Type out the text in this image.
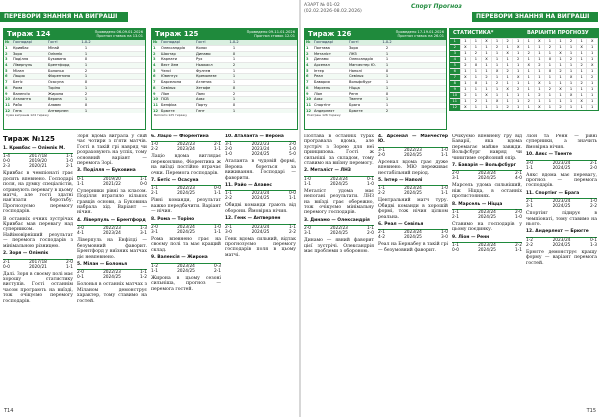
ПЕРЕВОРИ ЗНАННЯ НА ВИГРАШІ
Тираж 124	Проведено 06-09.01.2026
Прогноз ставок на 13.01
№	Господарі	Гості	1-X-2
1	Кривбас	Мінай	1
2	Зоря	Олімпік	1
3	Поділля	Буковина	X
4	Ліверпуль	Брентфорд	1
5	Мілан	Болонья	2
6	Лацио	Фіорентина	1
7	Бетіс	Осасуна	X
8	Рома	Торіно	1
9	Валенсія	Жирона	2
10 Аталанта	Верона	1
11 Райо	Алавес	X
12 Генк	Антверпен	1
Сума виграшів 124 тиражу
Тираж 125	Проведено 09-11.01.2026
Прогноз ставок 12.01
№	Господарі	Гості	1-X-2
1	Олександрія	Колос	1
2	Шахтар	Динамо	X
3	Карпати	Рух	1
4	Вест Хем	Ньюкасл	2
5	Челсі	Фулгем	1
6	Ювентус	Кремонезе	1
7	Барселона	Атлетик	1
8	Севілья	Хетафе	X
9	Ліон	Ланс	2
10 ПСВ	Аякс	1
11 Бенфіка	Порту	X
12 Брюгге	Гент	1
Виплати 125 тиражу
Тираж №125
1. Кривбас — Олімпік М.
1-4	2017/18	1-1
0-0	2019/20	1-0
2-3	2020/21	2-1

Кривбас в чемпіонаті грає досить впевнено. Господарі поля, на думку спеціалістів, отримують перевагу в цьому матчі, але гості здатні нав'язати боротьбу. Прогнозуємо перемогу господарів.

В останніх очних зустрічах Кривбас мав перевагу над суперником. Найімовірніший результат — перемога господарів з мінімальною різницею.

2. Зоря — Олімпік
2-1	2017/18	2-0
0-0	2020/21	1-1

Далі. Зоря в своєму полі має хорошу статистику виступів. Гості останнім часом програють на виїзді, тож очікуємо перемогу господарів.

Зоря вдома виграла у свій час чотири з п'яти матчів. Гості в такій грі навряд чи розраховують на успіх, тому основний варіант — перемога Зорі.

3. Поділля — Буковина
0-1	2019/20	1-1
1-1	2021/22	0-0

Суперники рівні за класом. Поділля втратило кількох гравців основи, а Буковина набрала хід. Варіант — нічия.

4. Ліверпуль — Брентфорд
3-0	2022/23	1-3
4-1	2023/24	3-1

Ліверпуль на Енфілді — безумовний фаворит. Брентфорд у виїзних матчах діє невпевнено.

5. Мілан — Болонья
2-0	2022/23	1-1
0-1	2024/25	1-2

Болонья в останніх матчах з Міланом демонструє характер, тому ставимо на гостей.

6. Лаціо — Фіорентина
1-0	2022/23	2-1
2-2	2023/24	1-1

Лаціо вдома виглядає переконливо, Фіорентина ж на виїзді постійно втрачає очки. Перемога господарів.

7. Бетіс — Осасуна
1-1	2022/23	0-0
2-1	2024/25	1-1

Рівні команди, результат важко передбачити. Варіант — нічия.

8. Рома — Торіно
2-0	2023/24	1-0
3-1	2024/25	1-1

Рома впевнено грає на своєму полі та має кращий склад.

9. Валенсія — Жирона
1-2	2023/24	0-3
1-1	2024/25	2-1

Жирона в цьому сезоні сильніша, прогноз — перемога гостей.

10. Аталанта — Верона
3-1	2022/23	2-0
2-0	2023/24	1-0
1-0	2024/25	5-0

Аталанта в чудовій формі, Верона бореться за виживання. Господарі — фаворити.

11. Райо — Алавес
1-1	2023/24	0-0
2-2	2024/25	1-1

Обидві команди грають від оборони. Ймовірна нічия.

12. Генк — Антверпен
2-1	2023/24	1-1
3-0	2024/25	2-2

Генк вдома сильний, відтак прогнозуємо перемогу господарів поля в цьому матчі.

Т14
АЗАРТ № 01-02
(02.02.2026-08.02.2026)
Спорт Прогноз
ПЕРЕВОРИ ЗНАННЯ НА ВИГРАШІ
Тираж 126	Проведено 17-19.01.2026
Прогноз ставок на 26.01
№	Господарі	Гості	1-X-2
1	Полтава	Зоря	2
2	Металіст	ЛНЗ	1
3	Динамо	Олександрія	1
4	Арсенал	Манчестер Ю.	1
5	Інтер	Наполі	X
6	Реал	Севілья	1
7	Бавария	Вольфсбург	1
8	Марсель	Ніцца	1
9	Ліон	Ренн	X
10 Аякс	Твенте	1
11 Спортінг	Брага	1
12 Андерлехт	Брюгге	2
Розіграш 126 тиражу
СТАТИСТИКА*	ВАРІАНТИ ПРОГНОЗУ
1	1	1	X	1	2	1	1	X	1	1	2	1	X
2	X	1	1	2	1	X	1	1	2	1	1	X	1
3	1	2	1	1	X	1	2	1	1	X	1	1	1
4	1	1	X	1	1	2	1	1	X	1	2	1	1
5	2	X	1	1	1	1	X	2	1	1	1	2	X
6	1	1	1	X	2	1	1	1	X	2	1	1	1
7	X	1	2	1	1	X	1	1	1	1	X	1	2
8	1	X	1	2	1	1	1	X	1	1	1	2	1
9	1	1	1	1	X	2	1	1	2	X	1	1	1
10	2	1	X	1	1	1	1	2	1	1	X	1	1
11	1	2	1	X	1	1	2	1	1	1	1	X	1
12	X	1	1	1	2	1	1	X	1	2	1	1	1

Полтава в останніх турах програвала вдома, але зустріч з Зорею для неї принципова. Гості ж сильніші за складом, тому ставимо на виїзну перемогу.

2. Металіст — ЛНЗ
1-0	2023/24	0-1
1-1	2024/25	1-0

Металіст удома має непогані результати. ЛНЗ на виїзді грає обережно, тож очікуємо мінімальну перемогу господарів.

3. Динамо — Олександрія
2-0	2022/23	1-1
3-1	2024/25	2-0

Динамо — явний фаворит цієї зустрічі. Олександрія має проблеми з обороною.

4. Арсенал — Манчестер Ю.
3-1	2022/23	1-0
2-0	2024/25	1-1

Арсенал вдома грає дуже впевнено. МЮ переживає нестабільний період.

5. Інтер — Наполі
1-1	2023/24	1-0
2-2	2024/25	1-1

Центральний матч туру. Обидві команди в хорошій формі, тож нічия цілком реальна.

6. Реал — Севілья
2-1	2023/24	1-0
4-2	2024/25	3-0

Реал на Бернабеу в такій грі — безумовний фаворит.

Очікуємо впевнену гру від Баварії, яка вдома перемагає майже завжди. Вольфсбург навряд чи чинитиме серйозний опір.

7. Баварія — Вольфсбург
2-0	2023/24	2-1
3-1	2024/25	4-0

Марсель удома сильніший, ніж Ніцца, в останніх протистояннях.

8. Марсель — Ніцца
1-1	2023/24	2-0
2-1	2024/25	1-0

Ставимо на господарів у цьому поєдинку.

9. Ліон — Ренн
1-1	2023/24	2-2
0-0	2024/25	1-1

Ліон та Ренн — рівні суперники, а значить ймовірна нічия.

10. Аякс — Твенте
3-0	2023/24	2-1
1-1	2024/25	2-0

Аякс вдома має перевагу, прогноз — перемога господарів.

11. Спортінг — Брага
2-1	2023/24	1-0
3-1	2024/25	2-2

Спортінг лідирує в чемпіонаті, тому ставимо на нього.

12. Андерлехт — Брюгге
1-2	2023/24	0-1
2-2	2024/25	1-3

Брюгге демонструє кращу форму — варіант перемога гостей.

Т15
